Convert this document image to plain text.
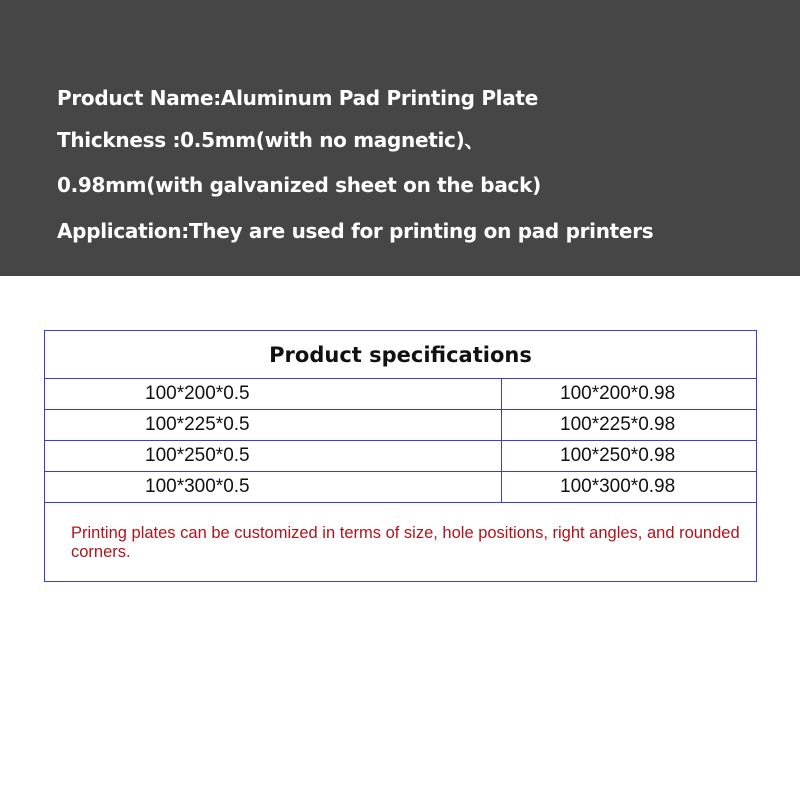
Product Name:Aluminum Pad Printing Plate
Thickness :0.5mm(with no magnetic)、
0.98mm(with galvanized sheet on the back)
Application:They are used for printing on pad printers
Product specifications
100*200*0.5	100*200*0.98
100*225*0.5	100*225*0.98
100*250*0.5	100*250*0.98
100*300*0.5	100*300*0.98
Printing plates can be customized in terms of size, hole positions, right angles, and rounded corners.
